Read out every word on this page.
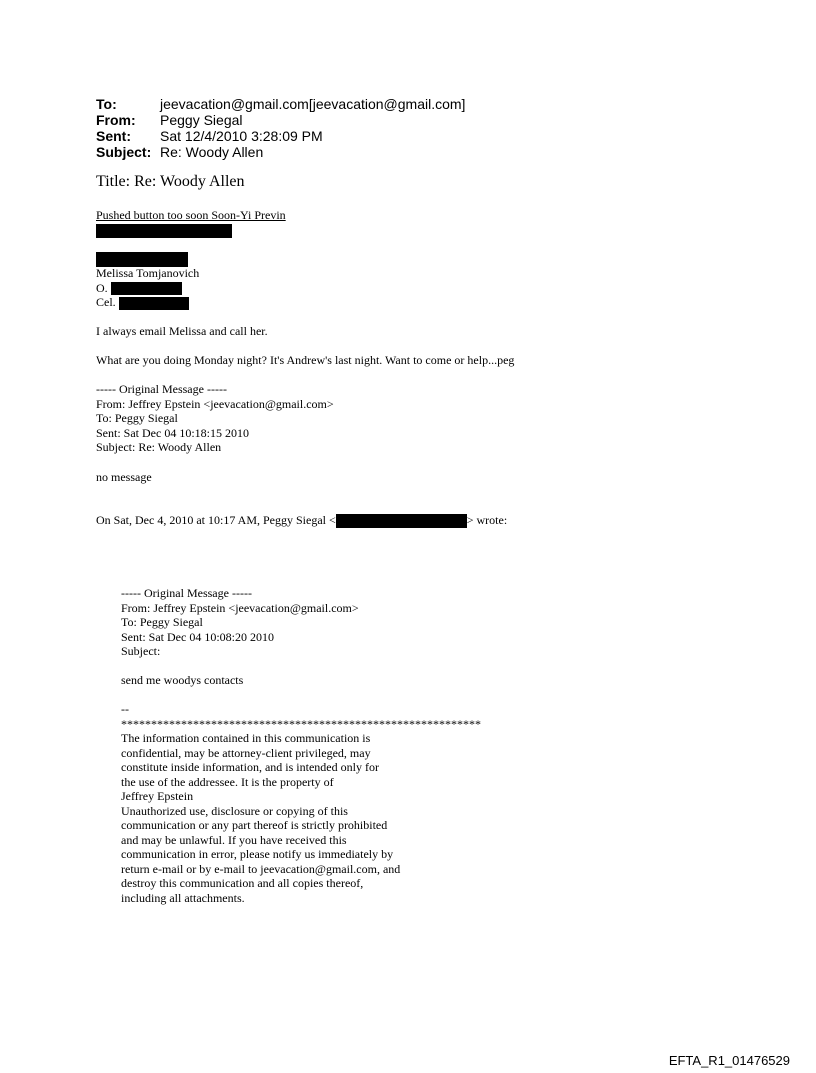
To:	jeevacation@gmail.com[jeevacation@gmail.com]
From:	Peggy Siegal
Sent:	Sat 12/4/2010 3:28:09 PM
Subject: Re: Woody Allen
Title: Re: Woody Allen
Pushed button too soon Soon-Yi Previn
Melissa Tomjanovich
O.
Cel.
I always email Melissa and call her.
What are you doing Monday night? It's Andrew's last night. Want to come or help...peg
----- Original Message -----
From: Jeffrey Epstein <jeevacation@gmail.com>
To: Peggy Siegal
Sent: Sat Dec 04 10:18:15 2010
Subject: Re: Woody Allen
no message
On Sat, Dec 4, 2010 at 10:17 AM, Peggy Siegal <	> wrote:
----- Original Message -----
From: Jeffrey Epstein <jeevacation@gmail.com>
To: Peggy Siegal
Sent: Sat Dec 04 10:08:20 2010
Subject:
send me woodys contacts
--
************************************************************
The information contained in this communication is
confidential, may be attorney-client privileged, may
constitute inside information, and is intended only for
the use of the addressee. It is the property of
Jeffrey Epstein
Unauthorized use, disclosure or copying of this
communication or any part thereof is strictly prohibited
and may be unlawful. If you have received this
communication in error, please notify us immediately by
return e-mail or by e-mail to jeevacation@gmail.com, and
destroy this communication and all copies thereof,
including all attachments.
EFTA_R1_01476529
